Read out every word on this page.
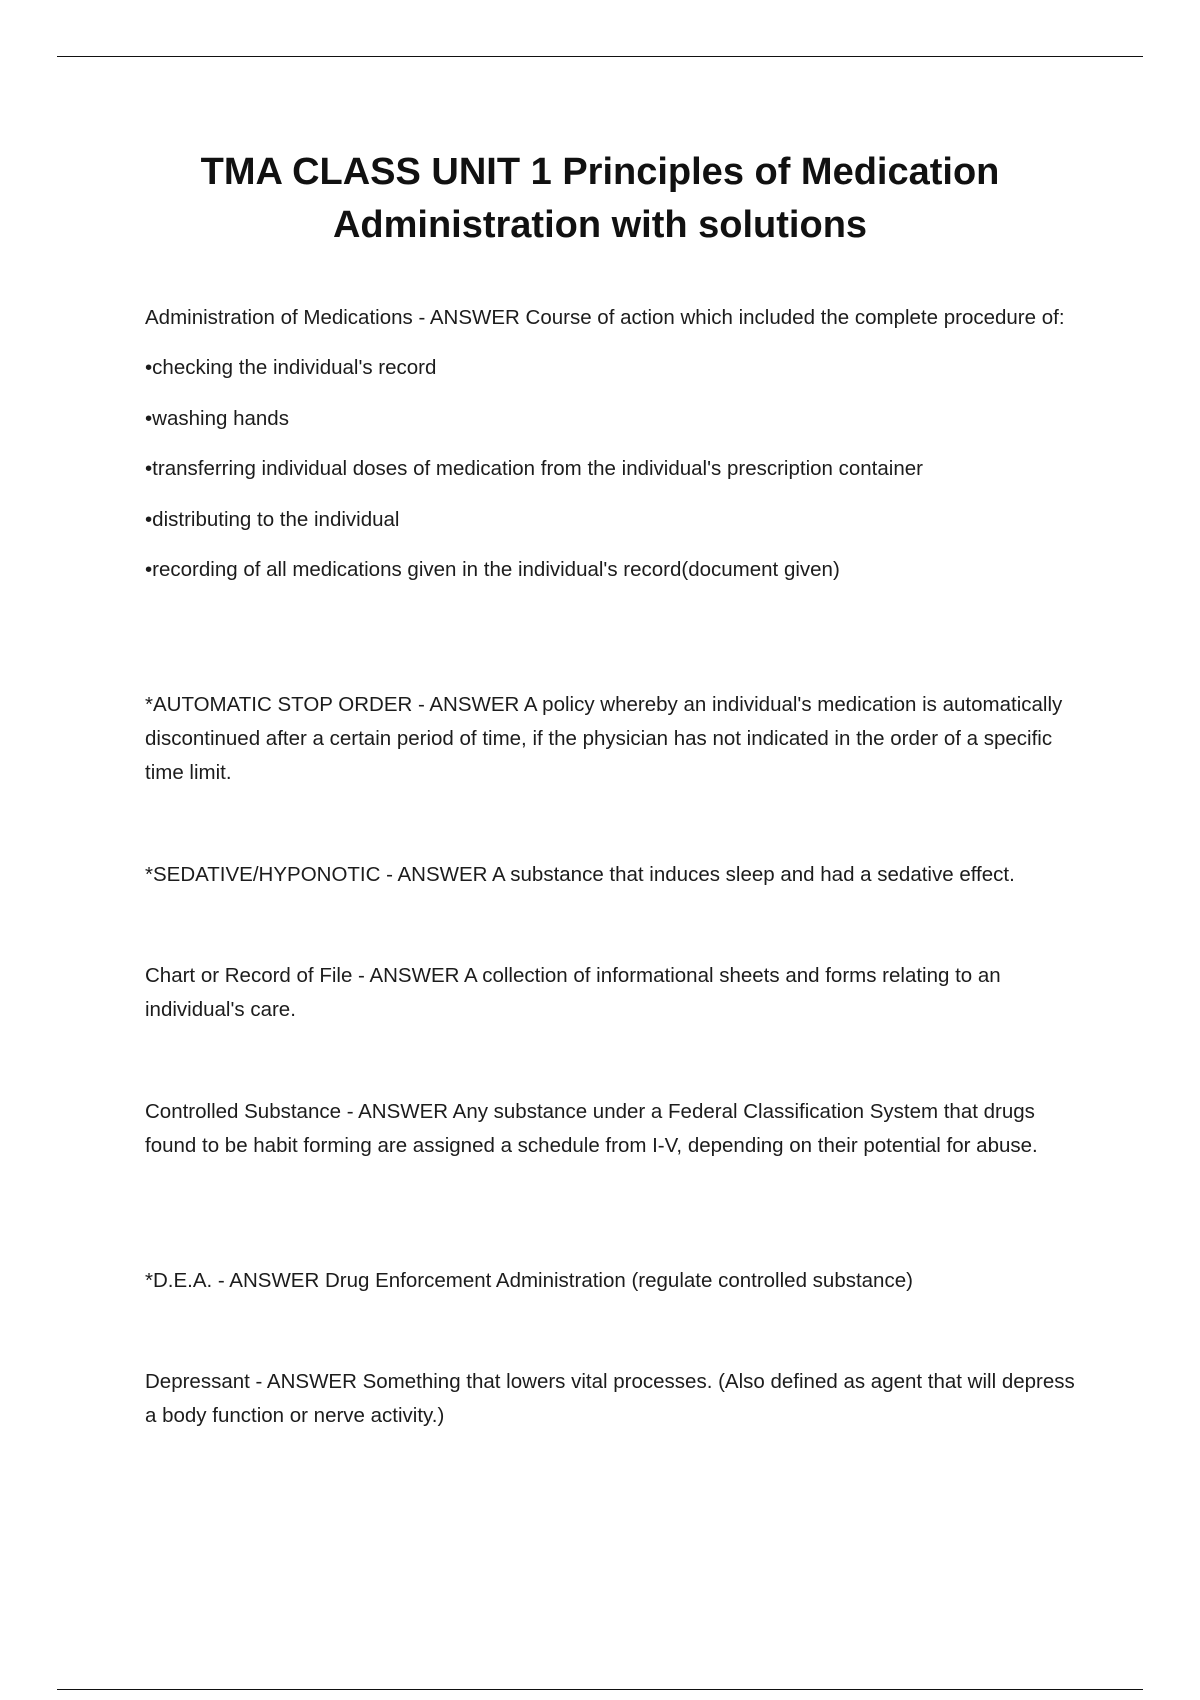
TMA CLASS UNIT 1 Principles of Medication Administration with solutions

Administration of Medications - ANSWER Course of action which included the complete procedure of:

•checking the individual's record

•washing hands

•transferring individual doses of medication from the individual's prescription container

•distributing to the individual

•recording of all medications given in the individual's record(document given)

*AUTOMATIC STOP ORDER - ANSWER A policy whereby an individual's medication is automatically discontinued after a certain period of time, if the physician has not indicated in the order of a specific time limit.

*SEDATIVE/HYPONOTIC - ANSWER A substance that induces sleep and had a sedative effect.

Chart or Record of File - ANSWER A collection of informational sheets and forms relating to an individual's care.

Controlled Substance - ANSWER Any substance under a Federal Classification System that drugs found to be habit forming are assigned a schedule from I-V, depending on their potential for abuse.

*D.E.A. - ANSWER Drug Enforcement Administration (regulate controlled substance)

Depressant - ANSWER Something that lowers vital processes. (Also defined as agent that will depress a body function or nerve activity.)
